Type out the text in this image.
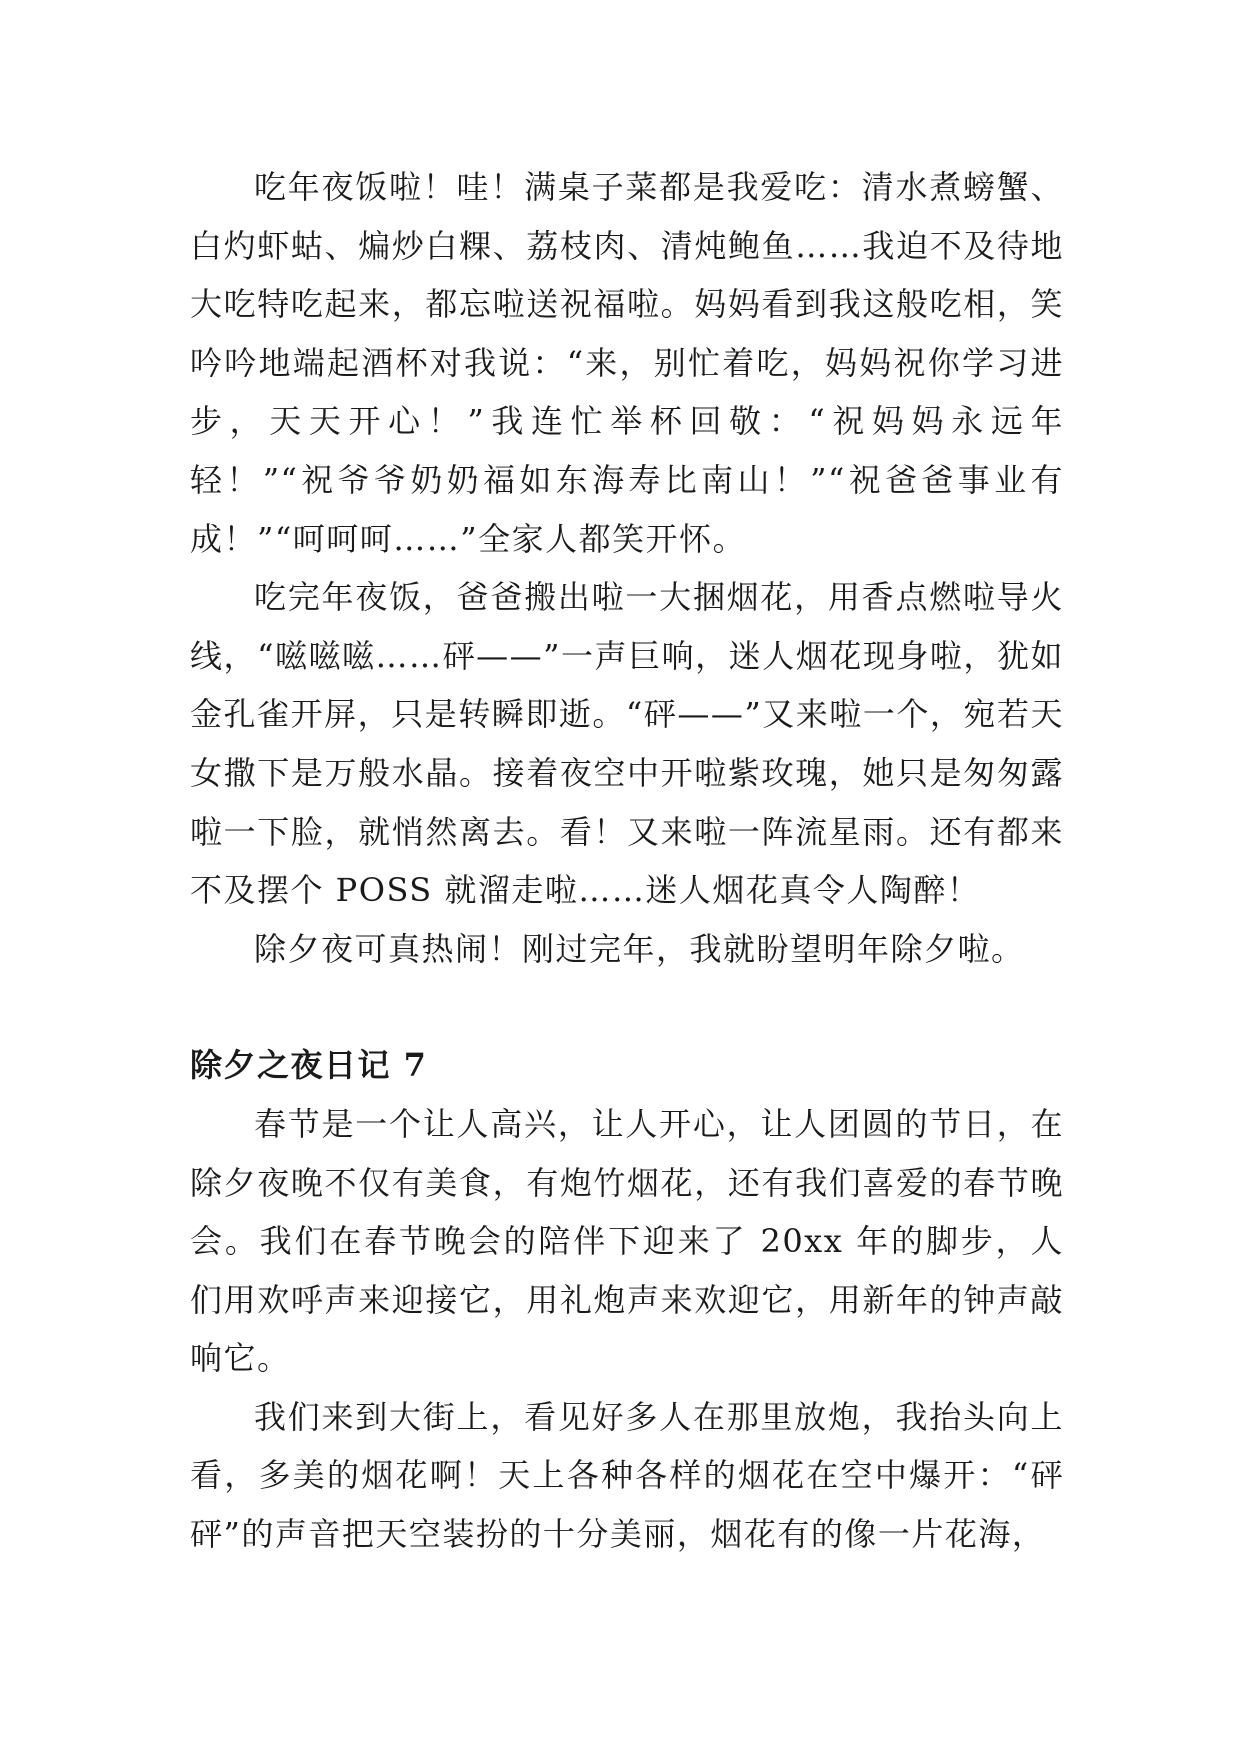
吃年夜饭啦！哇！满桌子菜都是我爱吃：清水煮螃蟹、白灼虾蛄、煸炒白粿、荔枝肉、清炖鲍鱼……我迫不及待地大吃特吃起来，都忘啦送祝福啦。妈妈看到我这般吃相，笑吟吟地端起酒杯对我说：“来，别忙着吃，妈妈祝你学习进步，天天开心！”我连忙举杯回敬：“祝妈妈永远年轻！”“祝爷爷奶奶福如东海寿比南山！”“祝爸爸事业有成！”“呵呵呵……”全家人都笑开怀。

吃完年夜饭，爸爸搬出啦一大捆烟花，用香点燃啦导火线，“嗞嗞嗞……砰——”一声巨响，迷人烟花现身啦，犹如金孔雀开屏，只是转瞬即逝。“砰——”又来啦一个，宛若天女撒下是万般水晶。接着夜空中开啦紫玫瑰，她只是匆匆露啦一下脸，就悄然离去。看！又来啦一阵流星雨。还有都来不及摆个 POSS 就溜走啦……迷人烟花真令人陶醉！

除夕夜可真热闹！刚过完年，我就盼望明年除夕啦。

除夕之夜日记 7

春节是一个让人高兴，让人开心，让人团圆的节日，在除夕夜晚不仅有美食，有炮竹烟花，还有我们喜爱的春节晚会。我们在春节晚会的陪伴下迎来了 20xx 年的脚步，人们用欢呼声来迎接它，用礼炮声来欢迎它，用新年的钟声敲响它。

我们来到大街上，看见好多人在那里放炮，我抬头向上看，多美的烟花啊！天上各种各样的烟花在空中爆开：“砰砰”的声音把天空装扮的十分美丽，烟花有的像一片花海，
